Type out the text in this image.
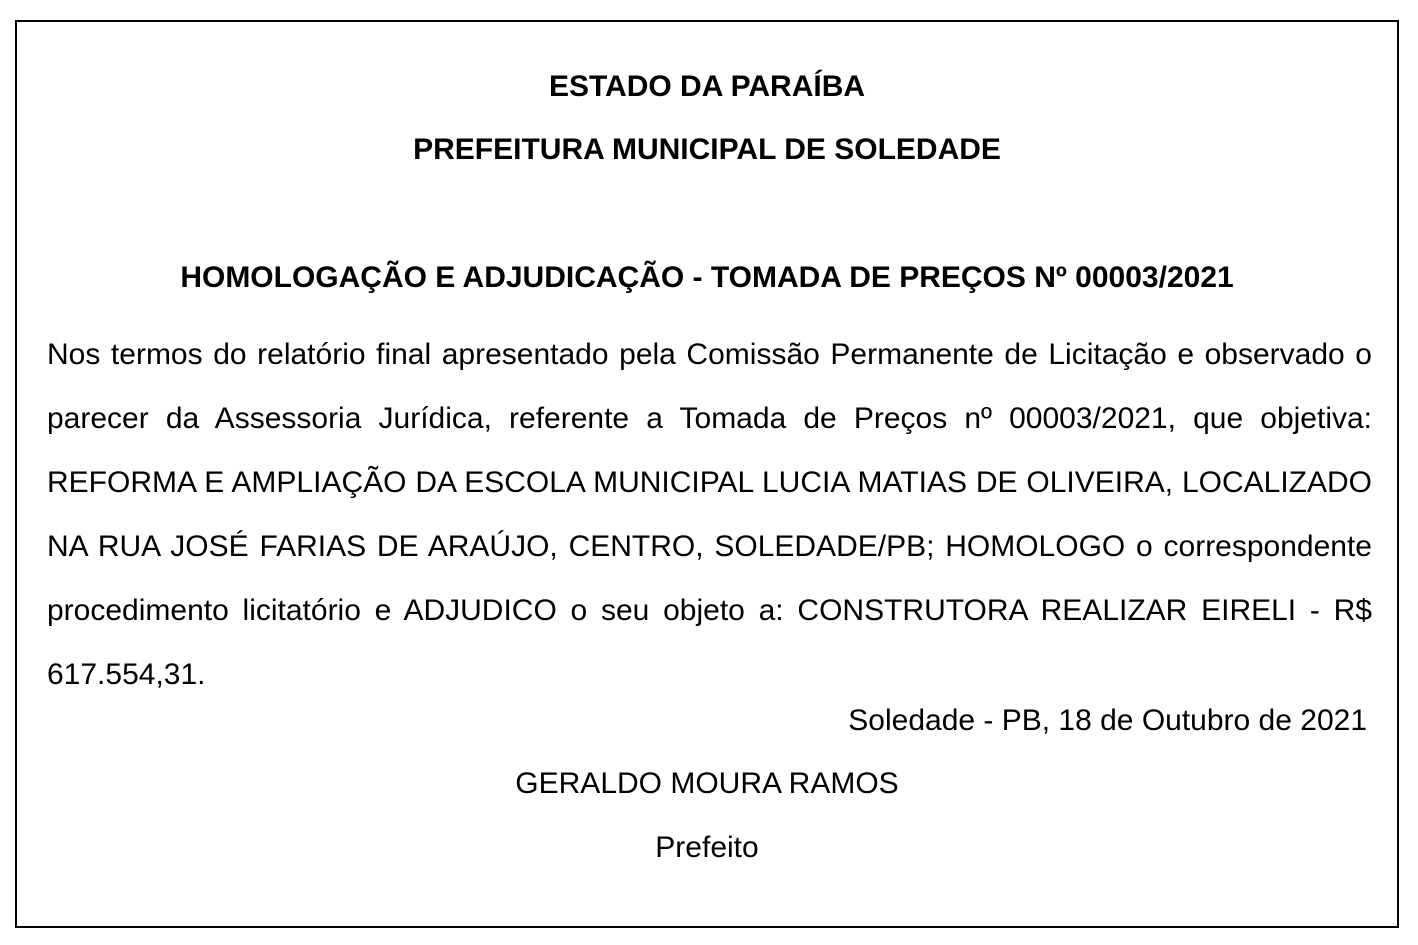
ESTADO DA PARAÍBA
PREFEITURA MUNICIPAL DE SOLEDADE
HOMOLOGAÇÃO E ADJUDICAÇÃO - TOMADA DE PREÇOS Nº 00003/2021

Nos termos do relatório final apresentado pela Comissão Permanente de Licitação e observado o parecer da Assessoria Jurídica, referente a Tomada de Preços nº 00003/2021, que objetiva: REFORMA E AMPLIAÇÃO DA ESCOLA MUNICIPAL LUCIA MATIAS DE OLIVEIRA, LOCALIZADO NA RUA JOSÉ FARIAS DE ARAÚJO, CENTRO, SOLEDADE/PB; HOMOLOGO o correspondente procedimento licitatório e ADJUDICO o seu objeto a: CONSTRUTORA REALIZAR EIRELI - R$ 617.554,31.

Soledade - PB, 18 de Outubro de 2021
GERALDO MOURA RAMOS
Prefeito
